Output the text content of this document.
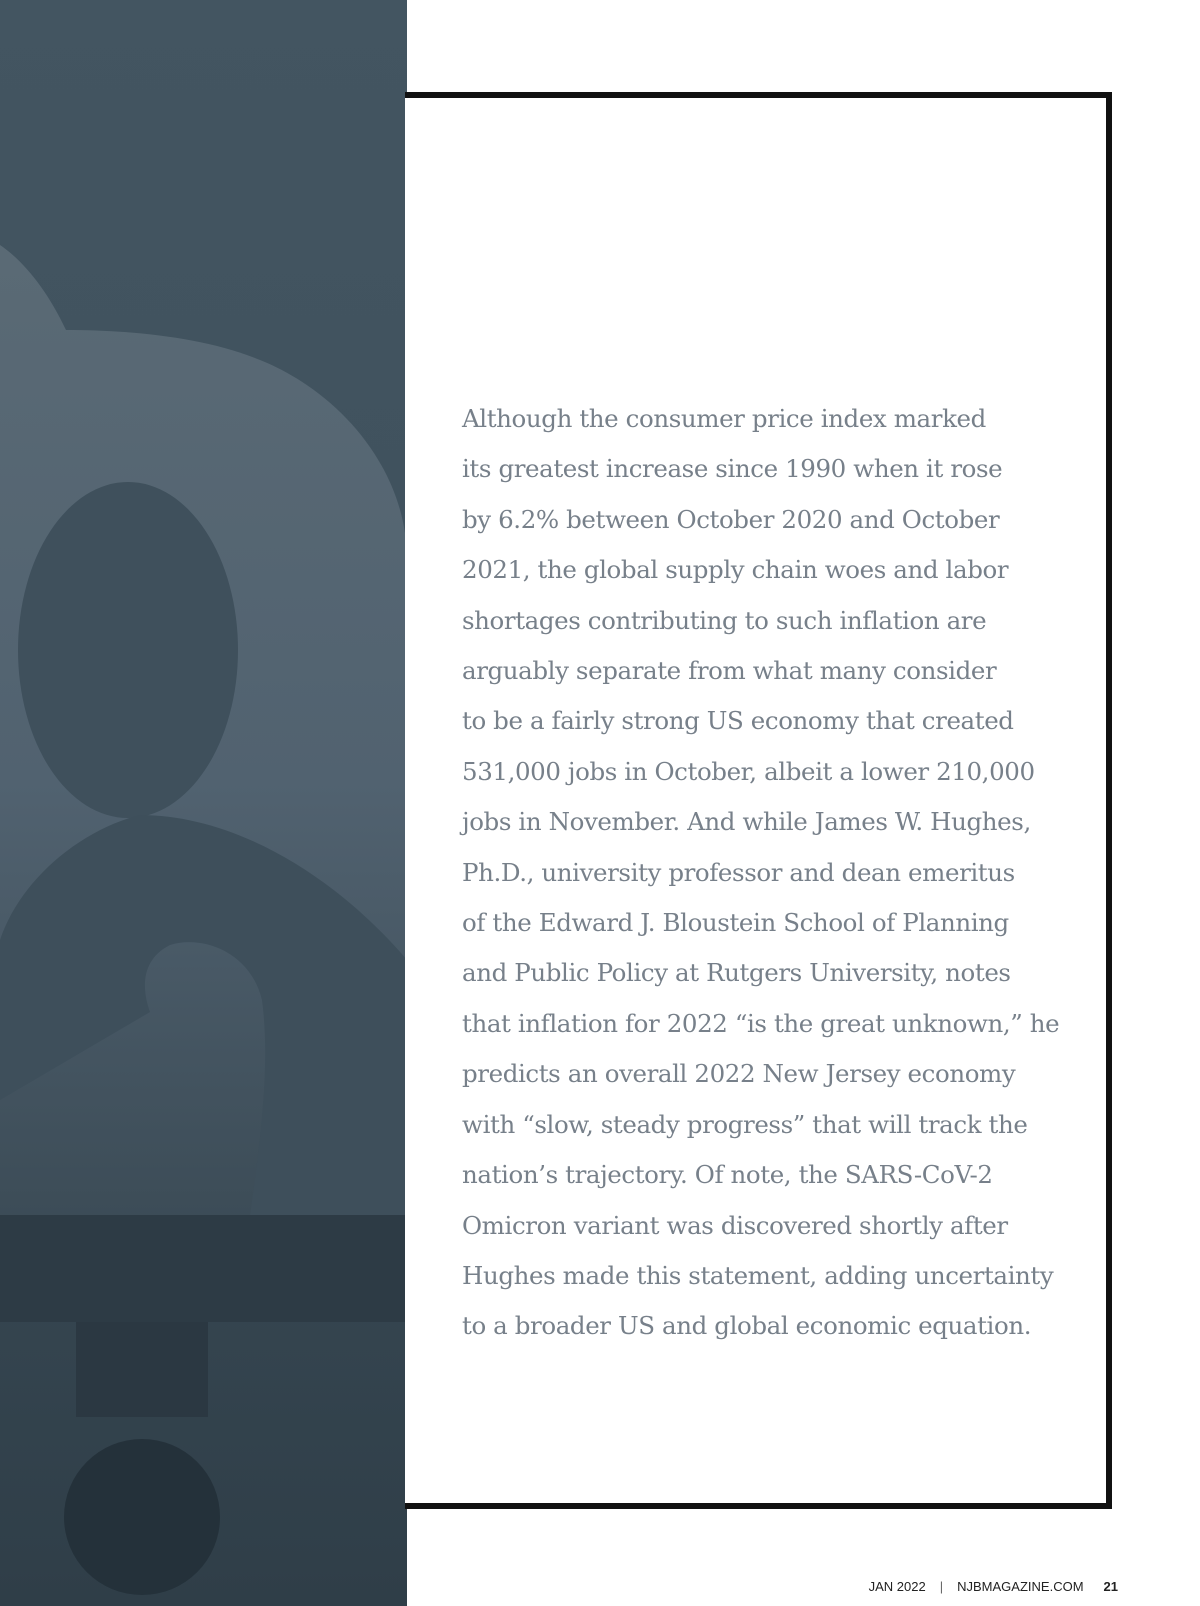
Although the consumer price index marked
its greatest increase since 1990 when it rose
by 6.2% between October 2020 and October
2021, the global supply chain woes and labor
shortages contributing to such inflation are
arguably separate from what many consider
to be a fairly strong US economy that created
531,000 jobs in October, albeit a lower 210,000
jobs in November. And while James W. Hughes,
Ph.D., university professor and dean emeritus
of the Edward J. Bloustein School of Planning
and Public Policy at Rutgers University, notes
that inflation for 2022 “is the great unknown,” he
predicts an overall 2022 New Jersey economy
with “slow, steady progress” that will track the
nation’s trajectory. Of note, the SARS-CoV-2
Omicron variant was discovered shortly after
Hughes made this statement, adding uncertainty
to a broader US and global economic equation.

JAN 2022 | NJBMAGAZINE.COM 21
